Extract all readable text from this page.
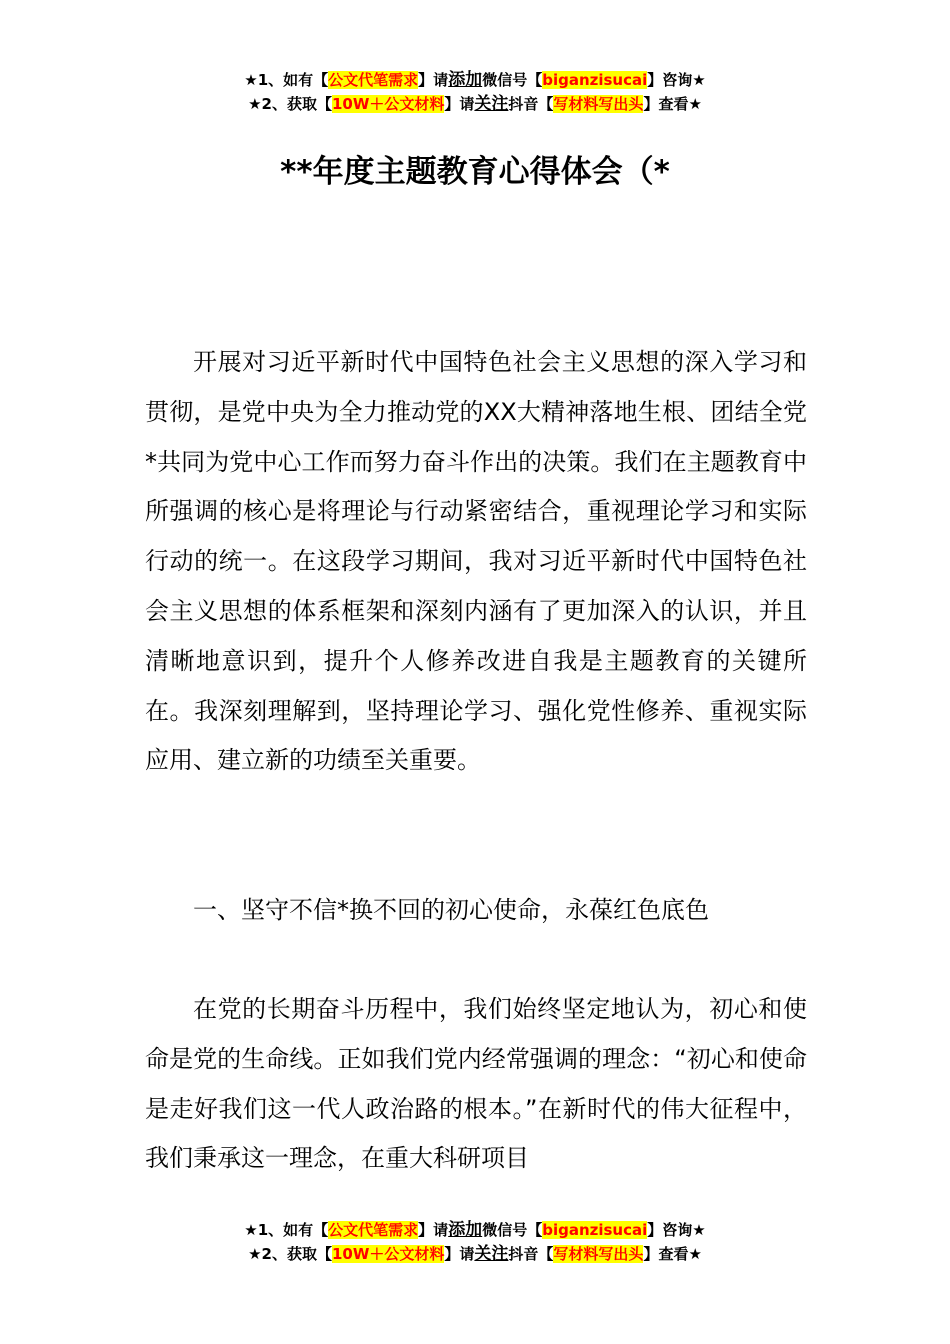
★1、如有【公文代笔需求】请添加微信号【biganzisucai】咨询★
★2、获取【10W＋公文材料】请关注抖音【写材料写出头】查看★
**年度主题教育心得体会（*

开展对习近平新时代中国特色社会主义思想的深入学习和贯彻，是党中央为全力推动党的XX大精神落地生根、团结全党*共同为党中心工作而努力奋斗作出的决策。我们在主题教育中所强调的核心是将理论与行动紧密结合，重视理论学习和实际行动的统一。在这段学习期间，我对习近平新时代中国特色社会主义思想的体系框架和深刻内涵有了更加深入的认识，并且清晰地意识到，提升个人修养改进自我是主题教育的关键所在。我深刻理解到，坚持理论学习、强化党性修养、重视实际应用、建立新的功绩至关重要。

一、坚守不信*换不回的初心使命，永葆红色底色

在党的长期奋斗历程中，我们始终坚定地认为，初心和使命是党的生命线。正如我们党内经常强调的理念：“初心和使命是走好我们这一代人政治路的根本。”在新时代的伟大征程中，我们秉承这一理念，在重大科研项目

★1、如有【公文代笔需求】请添加微信号【biganzisucai】咨询★
★2、获取【10W＋公文材料】请关注抖音【写材料写出头】查看★
